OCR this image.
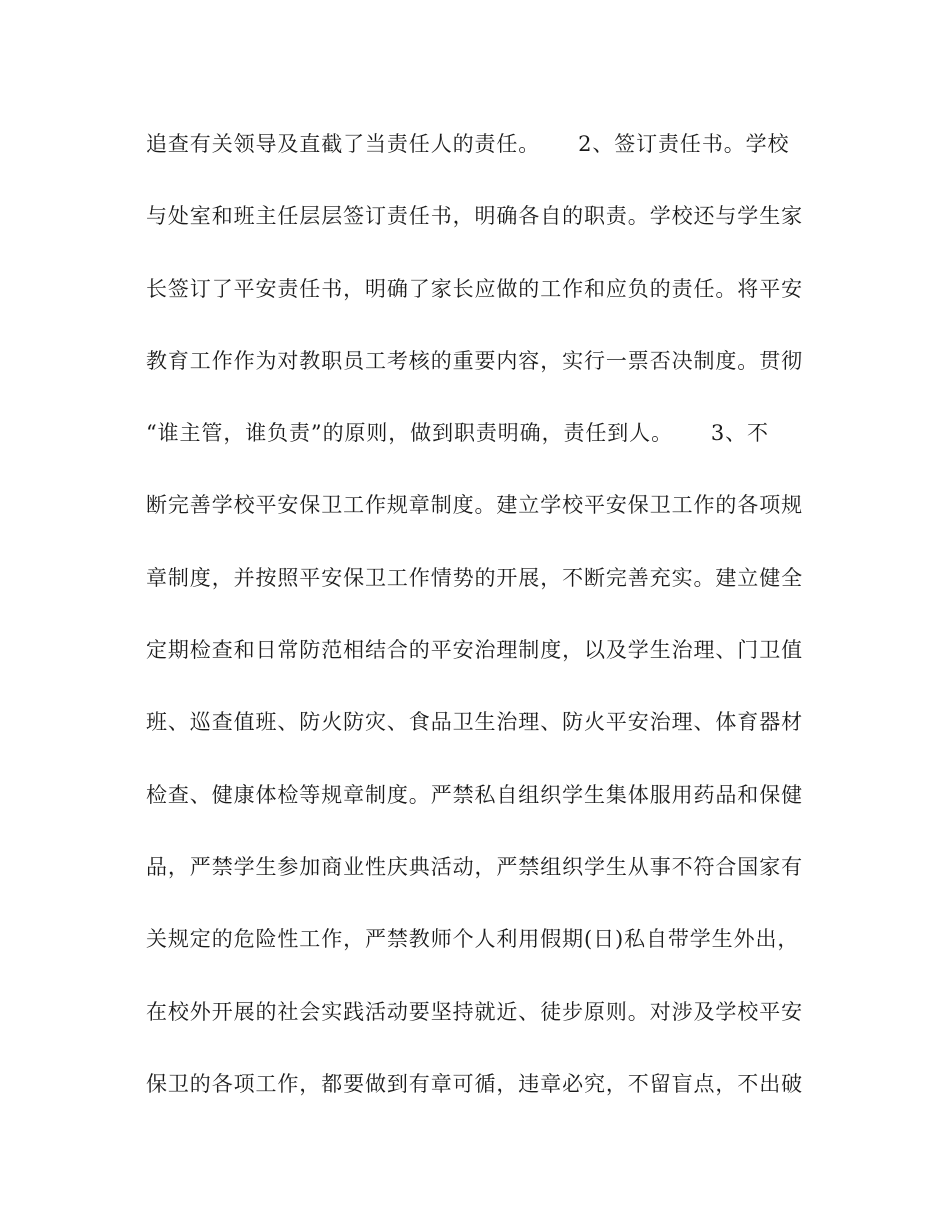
追查有关领导及直截了当责任人的责任。     2、签订责任书。学校
与处室和班主任层层签订责任书，明确各自的职责。学校还与学生家
长签订了平安责任书，明确了家长应做的工作和应负的责任。将平安
教育工作作为对教职员工考核的重要内容，实行一票否决制度。贯彻
“谁主管，谁负责”的原则，做到职责明确，责任到人。     3、不
断完善学校平安保卫工作规章制度。建立学校平安保卫工作的各项规
章制度，并按照平安保卫工作情势的开展，不断完善充实。建立健全
定期检查和日常防范相结合的平安治理制度，以及学生治理、门卫值
班、巡查值班、防火防灾、食品卫生治理、防火平安治理、体育器材
检查、健康体检等规章制度。严禁私自组织学生集体服用药品和保健
品，严禁学生参加商业性庆典活动，严禁组织学生从事不符合国家有
关规定的危险性工作，严禁教师个人利用假期(日)私自带学生外出，
在校外开展的社会实践活动要坚持就近、徒步原则。对涉及学校平安
保卫的各项工作，都要做到有章可循，违章必究，不留盲点，不出破
